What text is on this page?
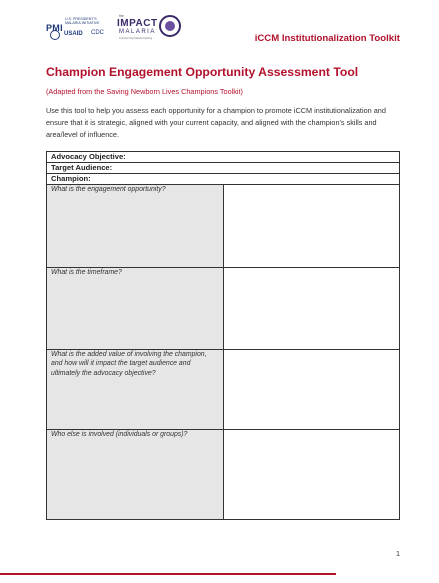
PMI
U.S. PRESIDENT'S MALARIA INITIATIVE
USAID CDC
the
IMPACT
MALARIA
Transforming Malaria Fighting	iCCM Institutionalization Toolkit
Champion Engagement Opportunity Assessment Tool
(Adapted from the Saving Newborn Lives Champions Toolkit)
Use this tool to help you assess each opportunity for a champion to promote iCCM institutionalization and ensure that it is strategic, aligned with your current capacity, and aligned with the champion's skills and area/level of influence.
Advocacy Objective:	
Target Audience:	
Champion:	
What is the engagement opportunity?	
What is the timeframe?	
What is the added value of involving the champion, and how will it impact the target audience and ultimately the advocacy objective?	
Who else is involved (individuals or groups)?	
1
